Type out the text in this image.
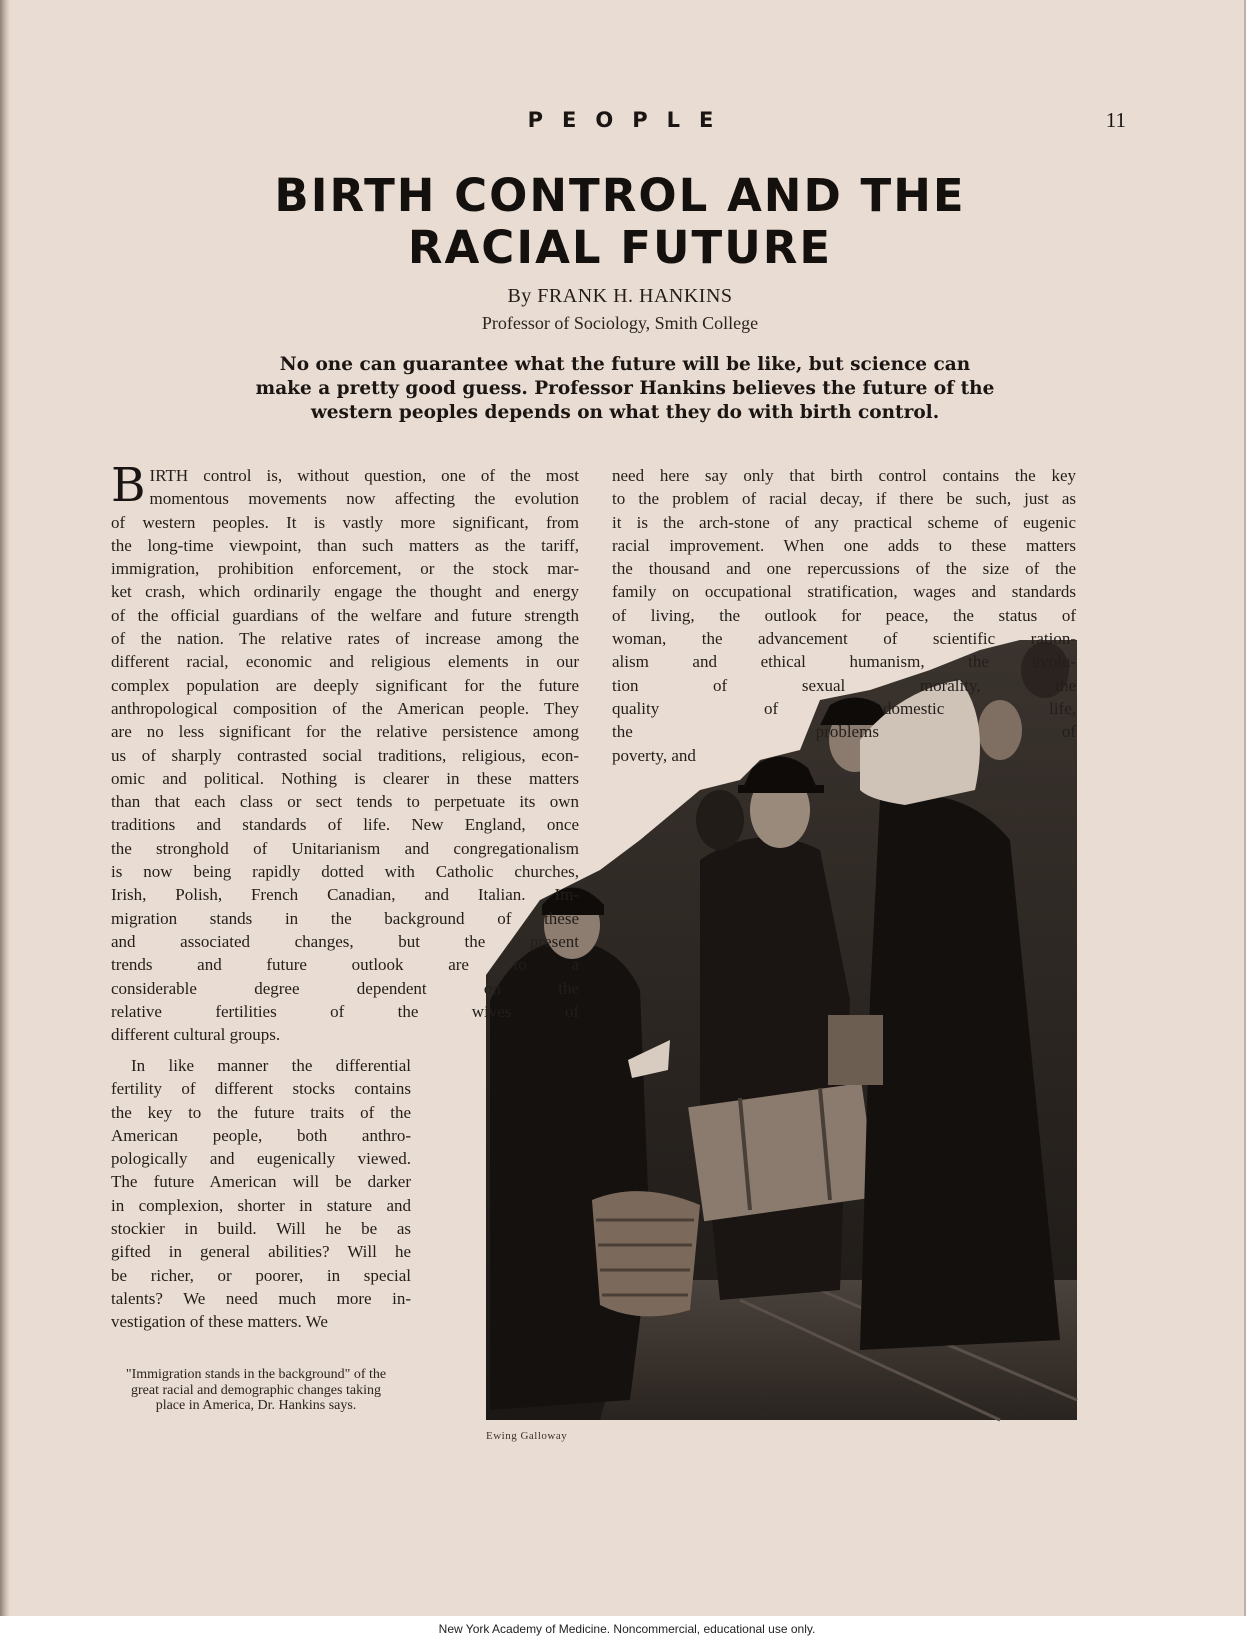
PEOPLE	11
BIRTH CONTROL AND THE
RACIAL FUTURE
By FRANK H. HANKINS
Professor of Sociology, Smith College
No one can guarantee what the future will be like, but science can make a pretty good guess. Professor Hankins believes the future of the western peoples depends on what they do with birth control.
B IRTH control is, without question, one of the most
momentous movements now affecting the evolution
of western peoples. It is vastly more significant, from
the long-time viewpoint, than such matters as the tariff,
immigration, prohibition enforcement, or the stock mar-
ket crash, which ordinarily engage the thought and energy
of the official guardians of the welfare and future strength
of the nation. The relative rates of increase among the
different racial, economic and religious elements in our
complex population are deeply significant for the future
anthropological composition of the American people. They
are no less significant for the relative persistence among
us of sharply contrasted social traditions, religious, econ-
omic and political. Nothing is clearer in these matters
than that each class or sect tends to perpetuate its own
traditions and standards of life. New England, once
the stronghold of Unitarianism and congregationalism
is now being rapidly dotted with Catholic churches,
Irish, Polish, French Canadian, and Italian. Im-
migration stands in the background of these
and associated changes, but the present
trends and future outlook are to a
considerable degree dependent on the
relative fertilities of the wives of
different cultural groups.
In like manner the differential
fertility of different stocks contains
the key to the future traits of the
American people, both anthro-
pologically and eugenically viewed.
The future American will be darker
in complexion, shorter in stature and
stockier in build. Will he be as
gifted in general abilities? Will he
be richer, or poorer, in special
talents? We need much more in-
vestigation of these matters. We
need here say only that birth control contains the key
to the problem of racial decay, if there be such, just as
it is the arch-stone of any practical scheme of eugenic
racial improvement. When one adds to these matters
the thousand and one repercussions of the size of the
family on occupational stratification, wages and standards
of living, the outlook for peace, the status of
woman, the advancement of scientific ration-
alism and ethical humanism, the evolu-
tion of sexual morality, the
quality of domestic life,
the problems of
poverty, and
"Immigration stands in the background" of the great racial and demographic changes taking place in America, Dr. Hankins says.
Ewing Galloway
New York Academy of Medicine. Noncommercial, educational use only.
